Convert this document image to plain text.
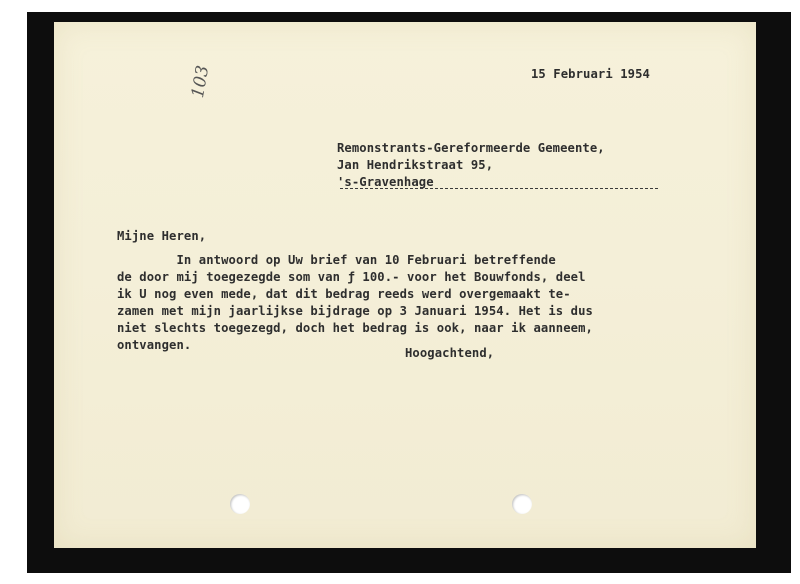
103	15 Februari 1954
Remonstrants-Gereformeerde Gemeente,
Jan Hendrikstraat 95,
's-Gravenhage
Mijne Heren,
In antwoord op Uw brief van 10 Februari betreffende
de door mij toegezegde som van ƒ 100.- voor het Bouwfonds, deel
ik U nog even mede, dat dit bedrag reeds werd overgemaakt te-
zamen met mijn jaarlijkse bijdrage op 3 Januari 1954. Het is dus
niet slechts toegezegd, doch het bedrag is ook, naar ik aanneem,
ontvangen.
Hoogachtend,
